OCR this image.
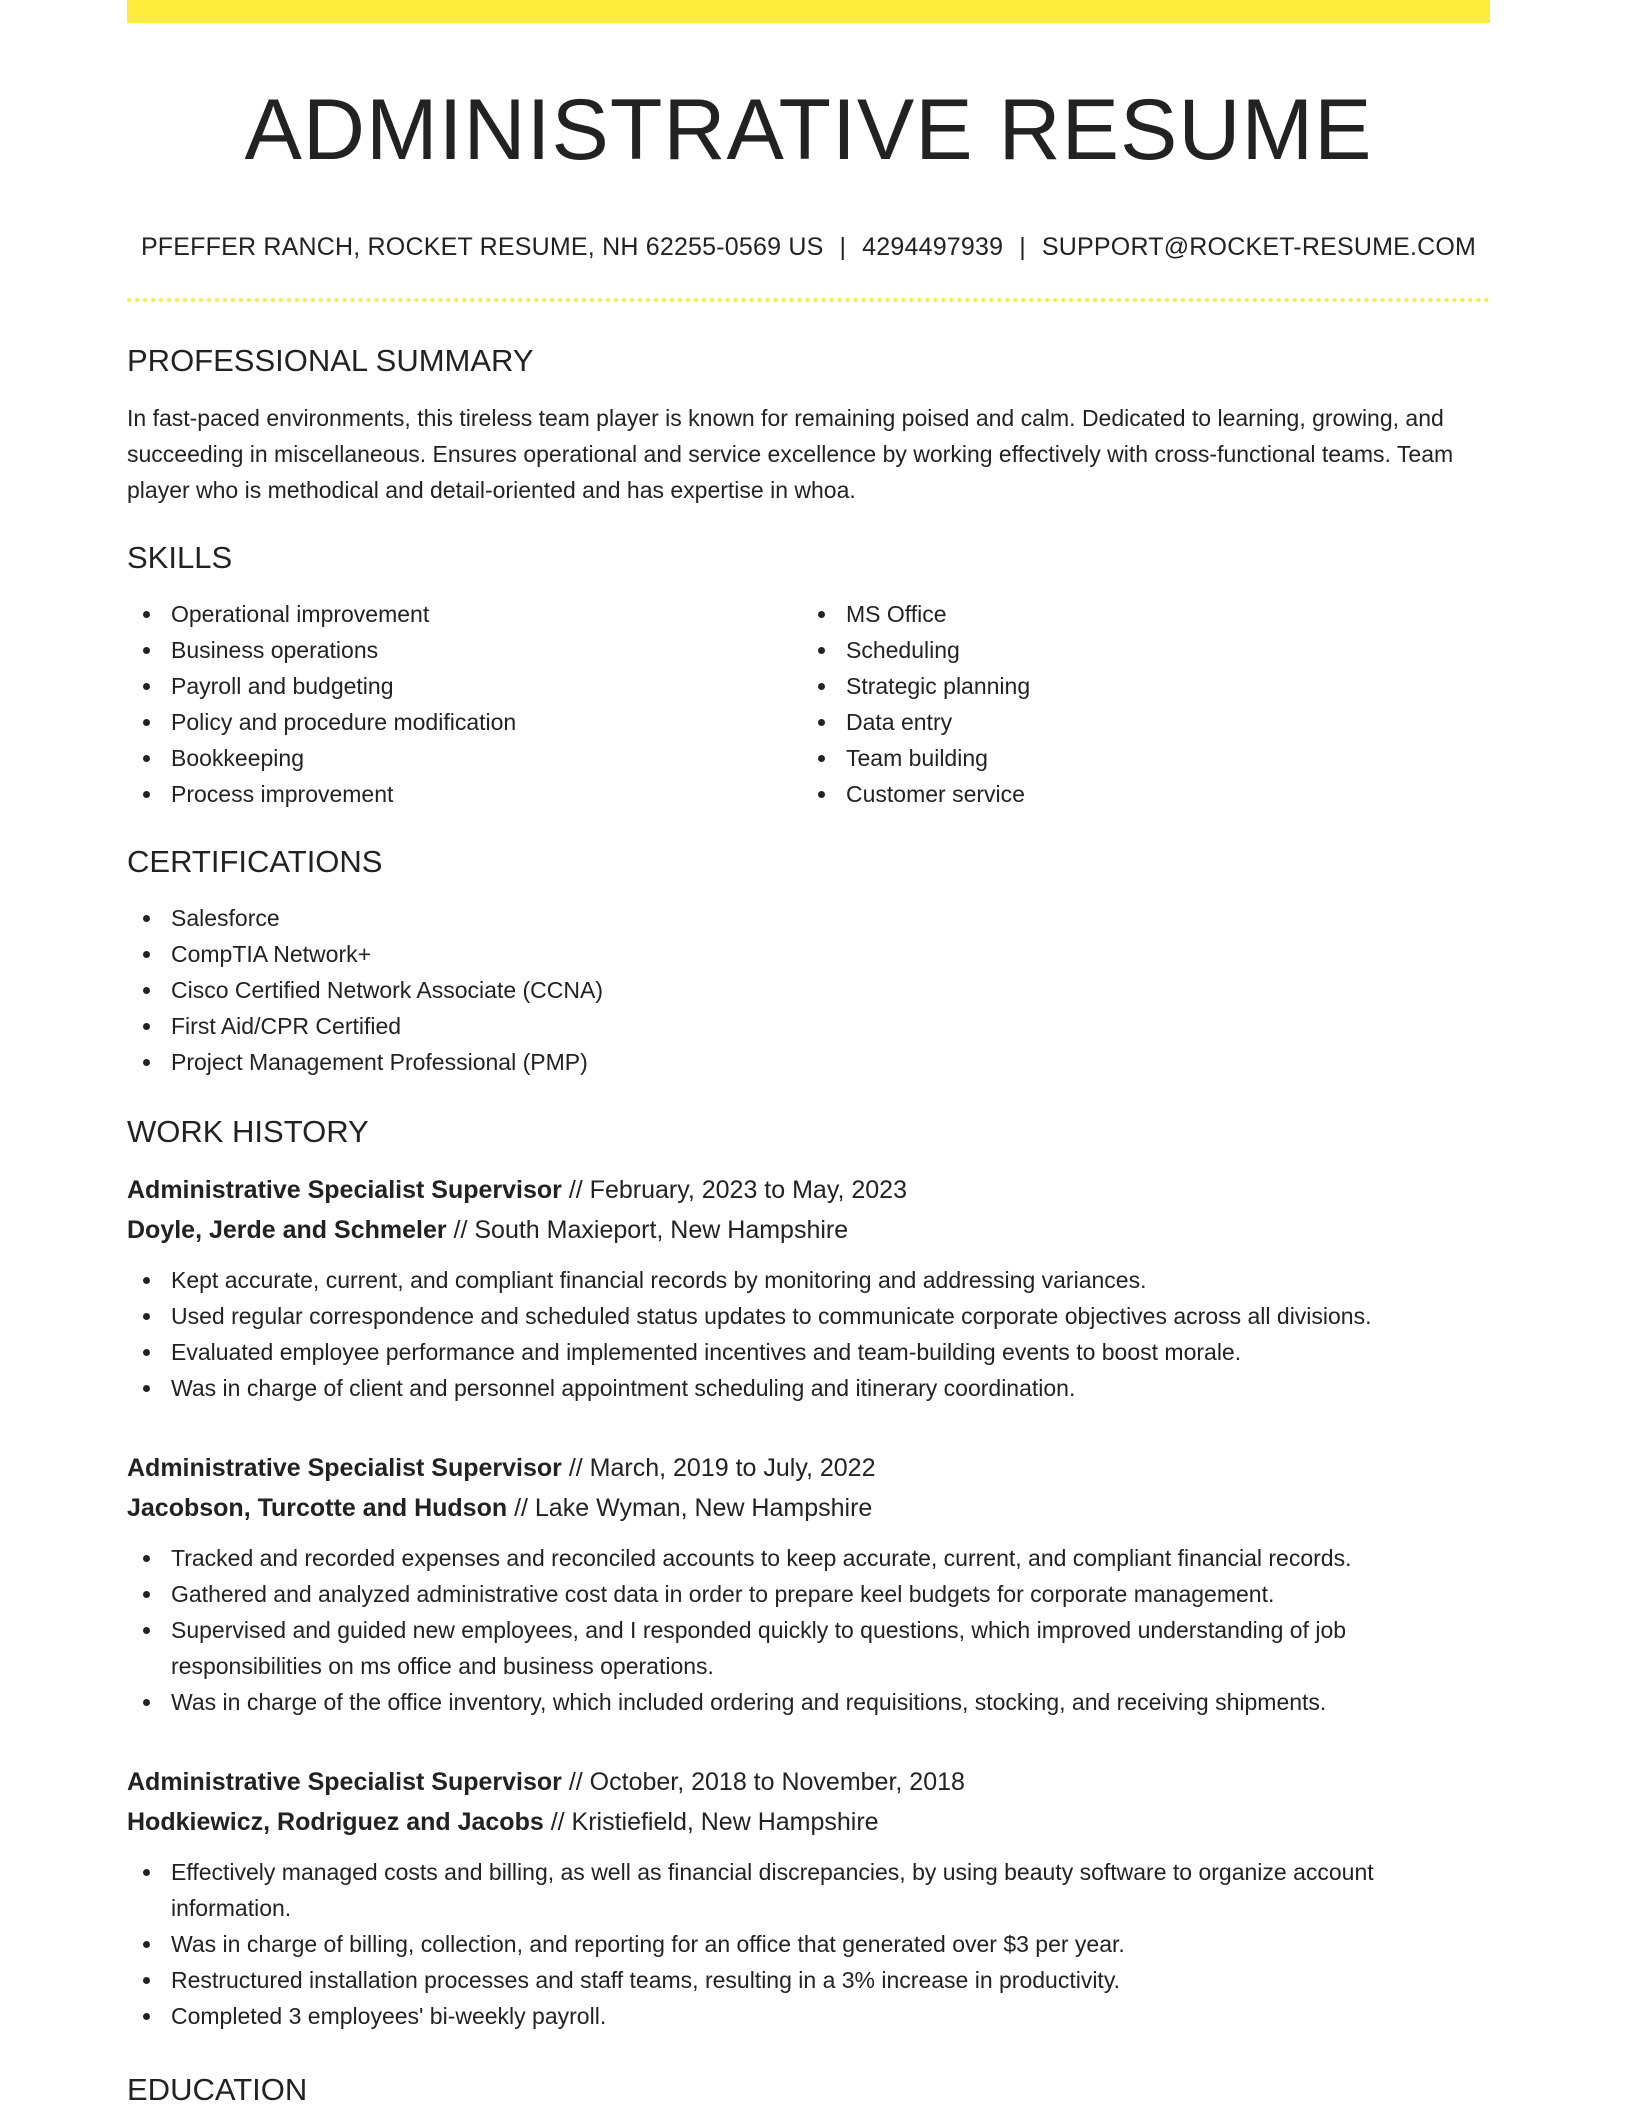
ADMINISTRATIVE RESUME
PFEFFER RANCH, ROCKET RESUME, NH 62255-0569 US | 4294497939 | SUPPORT@ROCKET-RESUME.COM
PROFESSIONAL SUMMARY

In fast-paced environments, this tireless team player is known for remaining poised and calm. Dedicated to learning, growing, and succeeding in miscellaneous. Ensures operational and service excellence by working effectively with cross-functional teams. Team player who is methodical and detail-oriented and has expertise in whoa.

SKILLS
Operational improvement
Business operations
Payroll and budgeting
Policy and procedure modification
Bookkeeping
Process improvement
MS Office
Scheduling
Strategic planning
Data entry
Team building
Customer service
CERTIFICATIONS
Salesforce
CompTIA Network+
Cisco Certified Network Associate (CCNA)
First Aid/CPR Certified
Project Management Professional (PMP)
WORK HISTORY
Administrative Specialist Supervisor // February, 2023 to May, 2023
Doyle, Jerde and Schmeler // South Maxieport, New Hampshire
Kept accurate, current, and compliant financial records by monitoring and addressing variances.
Used regular correspondence and scheduled status updates to communicate corporate objectives across all divisions.
Evaluated employee performance and implemented incentives and team-building events to boost morale.
Was in charge of client and personnel appointment scheduling and itinerary coordination.
Administrative Specialist Supervisor // March, 2019 to July, 2022
Jacobson, Turcotte and Hudson // Lake Wyman, New Hampshire
Tracked and recorded expenses and reconciled accounts to keep accurate, current, and compliant financial records.
Gathered and analyzed administrative cost data in order to prepare keel budgets for corporate management.
Supervised and guided new employees, and I responded quickly to questions, which improved understanding of job responsibilities on ms office and business operations.
Was in charge of the office inventory, which included ordering and requisitions, stocking, and receiving shipments.
Administrative Specialist Supervisor // October, 2018 to November, 2018
Hodkiewicz, Rodriguez and Jacobs // Kristiefield, New Hampshire
Effectively managed costs and billing, as well as financial discrepancies, by using beauty software to organize account information.
Was in charge of billing, collection, and reporting for an office that generated over $3 per year.
Restructured installation processes and staff teams, resulting in a 3% increase in productivity.
Completed 3 employees' bi-weekly payroll.
EDUCATION
